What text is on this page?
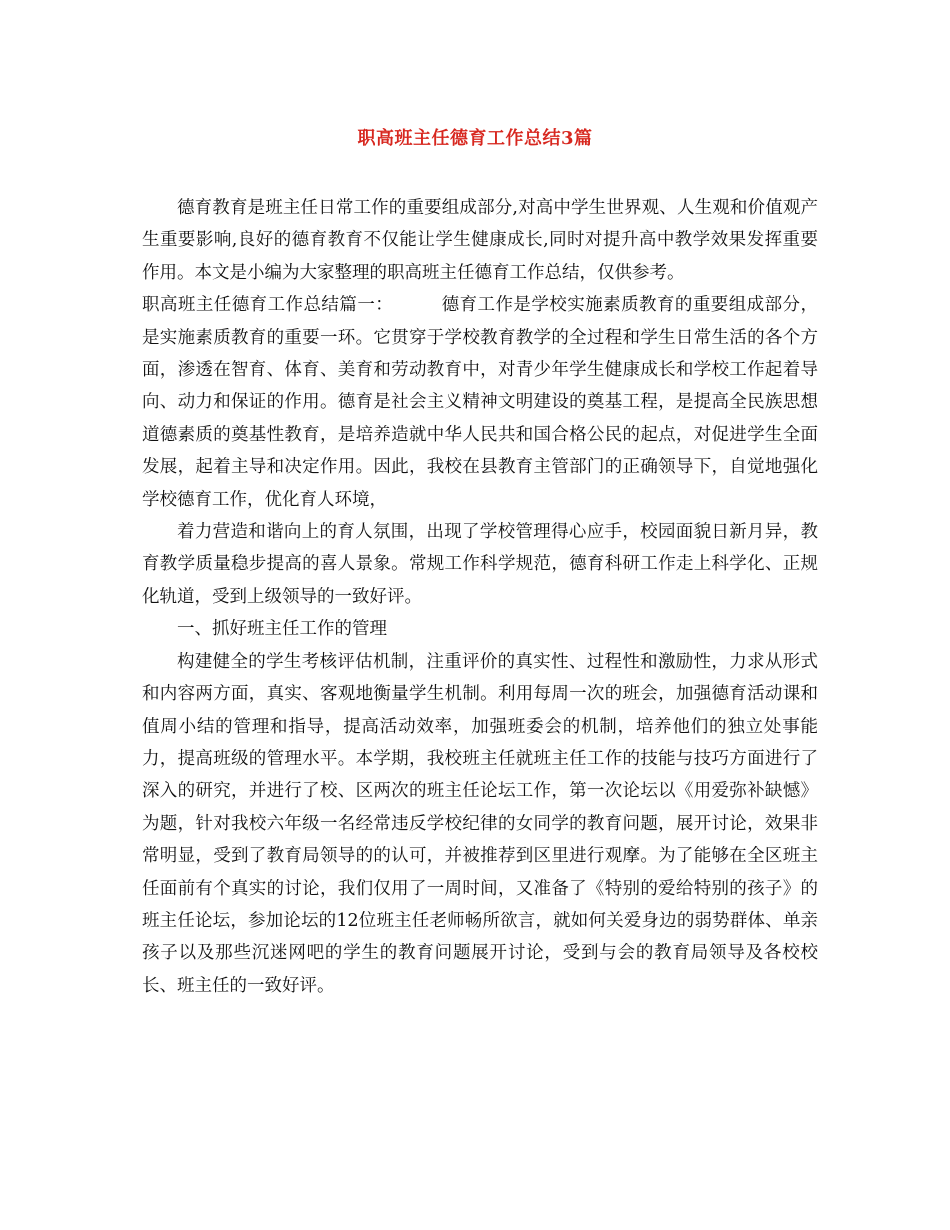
职高班主任德育工作总结3篇

德育教育是班主任日常工作的重要组成部分,对高中学生世界观、人生观和价值观产生重要影响,良好的德育教育不仅能让学生健康成长,同时对提升高中教学效果发挥重要作用。本文是小编为大家整理的职高班主任德育工作总结，仅供参考。

职高班主任德育工作总结篇一：	德育工作是学校实施素质教育的重要组成部分，是实施素质教育的重要一环。它贯穿于学校教育教学的全过程和学生日常生活的各个方面，渗透在智育、体育、美育和劳动教育中，对青少年学生健康成长和学校工作起着导向、动力和保证的作用。德育是社会主义精神文明建设的奠基工程，是提高全民族思想道德素质的奠基性教育，是培养造就中华人民共和国合格公民的起点，对促进学生全面发展，起着主导和决定作用。因此，我校在县教育主管部门的正确领导下，自觉地强化学校德育工作，优化育人环境，

着力营造和谐向上的育人氛围，出现了学校管理得心应手，校园面貌日新月异，教育教学质量稳步提高的喜人景象。常规工作科学规范，德育科研工作走上科学化、正规化轨道，受到上级领导的一致好评。

一、抓好班主任工作的管理

构建健全的学生考核评估机制，注重评价的真实性、过程性和激励性，力求从形式和内容两方面，真实、客观地衡量学生机制。利用每周一次的班会，加强德育活动课和值周小结的管理和指导，提高活动效率，加强班委会的机制，培养他们的独立处事能力，提高班级的管理水平。本学期，我校班主任就班主任工作的技能与技巧方面进行了深入的研究，并进行了校、区两次的班主任论坛工作，第一次论坛以《用爱弥补缺憾》为题，针对我校六年级一名经常违反学校纪律的女同学的教育问题，展开讨论，效果非常明显，受到了教育局领导的的认可，并被推荐到区里进行观摩。为了能够在全区班主任面前有个真实的讨论，我们仅用了一周时间，又准备了《特别的爱给特别的孩子》的班主任论坛，参加论坛的12位班主任老师畅所欲言，就如何关爱身边的弱势群体、单亲孩子以及那些沉迷网吧的学生的教育问题展开讨论，受到与会的教育局领导及各校校长、班主任的一致好评。
